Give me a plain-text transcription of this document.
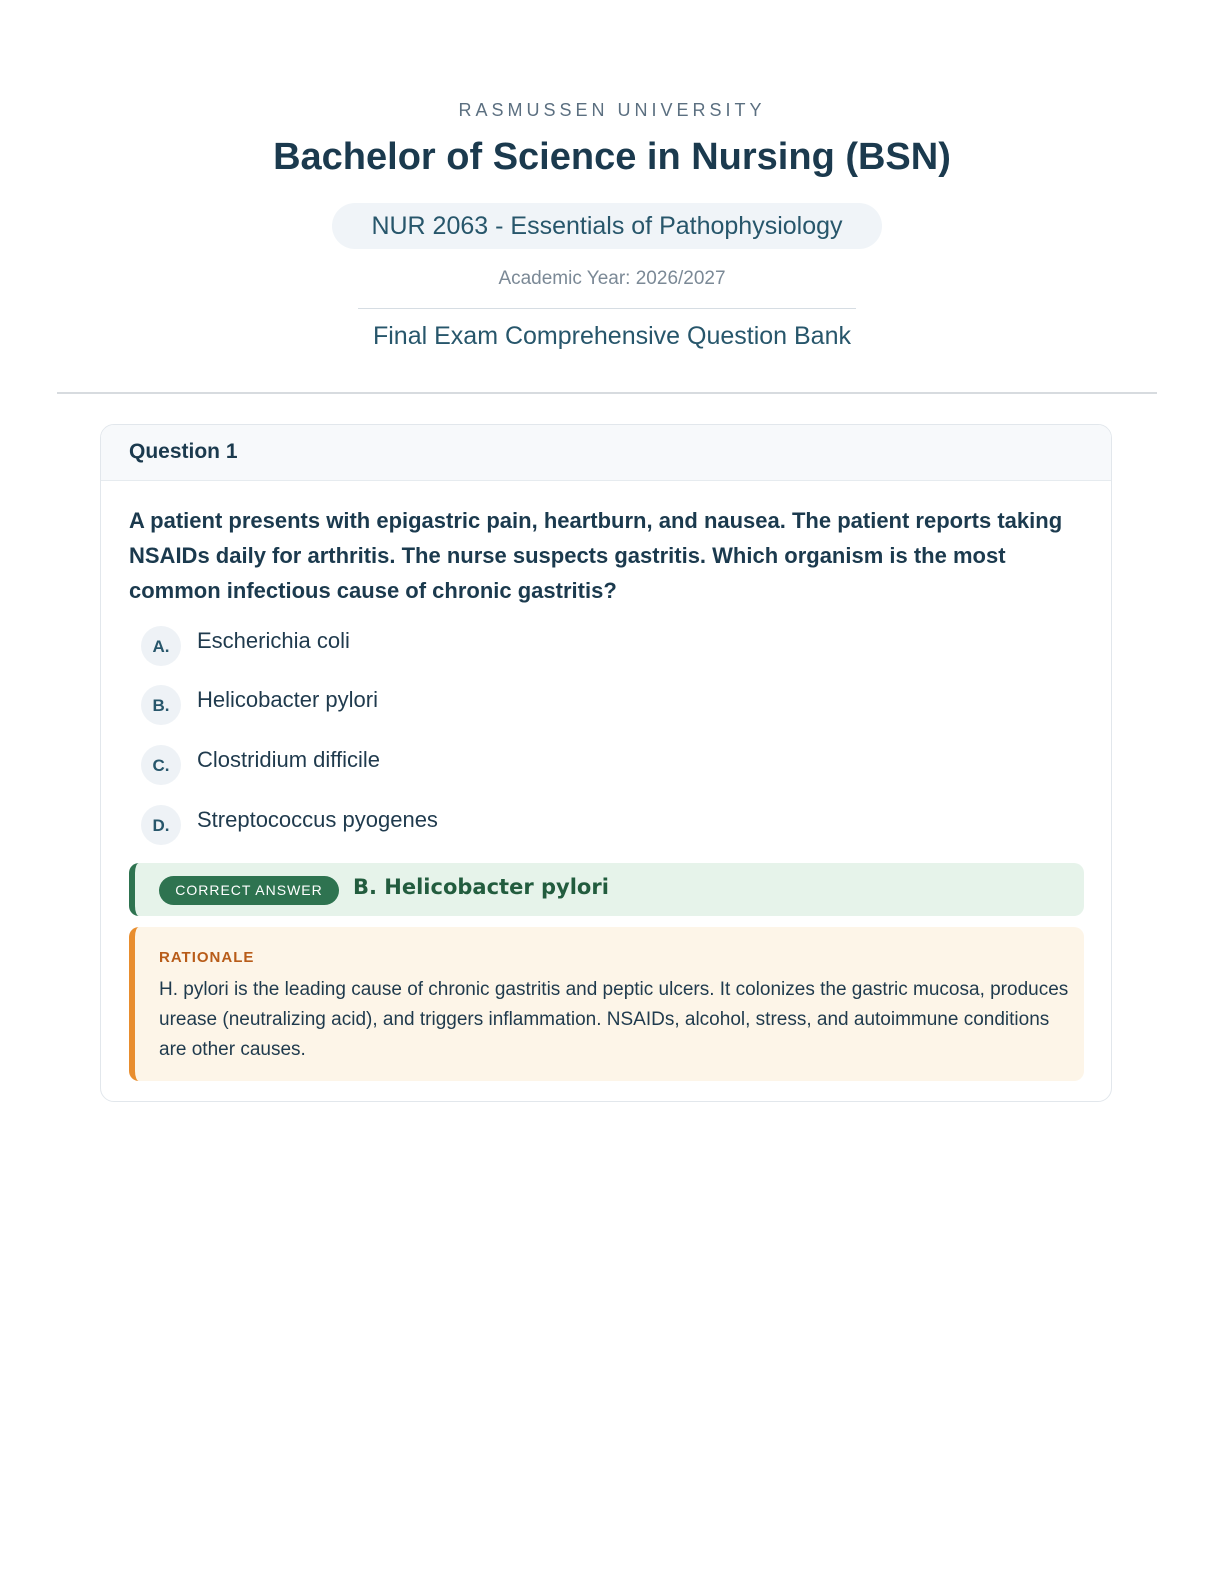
RASMUSSEN UNIVERSITY
Bachelor of Science in Nursing (BSN)
NUR 2063 - Essentials of Pathophysiology
Academic Year: 2026/2027
Final Exam Comprehensive Question Bank
Question 1
A patient presents with epigastric pain, heartburn, and nausea. The patient reports taking NSAIDs daily for arthritis. The nurse suspects gastritis. Which organism is the most common infectious cause of chronic gastritis?
A.	Escherichia coli
B.	Helicobacter pylori
C.	Clostridium difficile
D.	Streptococcus pyogenes
CORRECT ANSWER	B. Helicobacter pylori
RATIONALE
H. pylori is the leading cause of chronic gastritis and peptic ulcers. It colonizes the gastric mucosa, produces urease (neutralizing acid), and triggers inflammation. NSAIDs, alcohol, stress, and autoimmune conditions are other causes.
